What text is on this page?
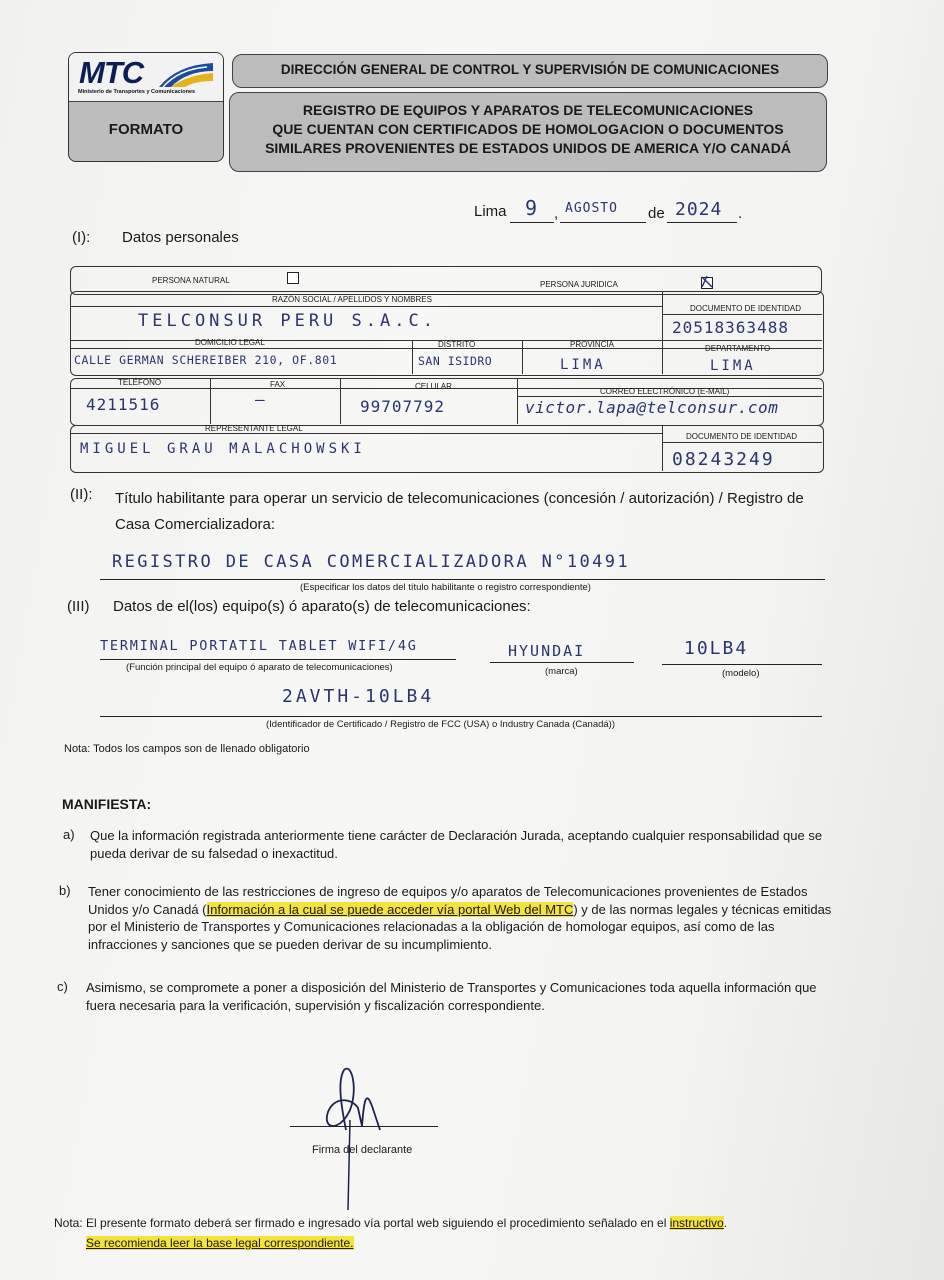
MTC
Ministerio de Transportes y Comunicaciones
FORMATO
DIRECCIÓN GENERAL DE CONTROL Y SUPERVISIÓN DE COMUNICACIONES
REGISTRO DE EQUIPOS Y APARATOS DE TELECOMUNICACIONES
QUE CUENTAN CON CERTIFICADOS DE HOMOLOGACION O DOCUMENTOS
SIMILARES PROVENIENTES DE ESTADOS UNIDOS DE AMERICA Y/O CANADÁ
Lima 9 , AGOSTO de 2024 .
(I): Datos personales
PERSONA NATURAL	PERSONA JURIDICA
RAZÓN SOCIAL / APELLIDOS Y NOMBRES
DOCUMENTO DE IDENTIDAD
TELCONSUR PERU S.A.C.	20518363488
DOMICILIO LEGAL	DISTRITO	PROVINCIA	DEPARTAMENTO
CALLE GERMAN SCHEREIBER 210, OF.801	SAN ISIDRO	LIMA	LIMA
TELÉFONO	FAX	CELULAR
CORREO ELECTRÓNICO (E-MAIL)
4211516	—	99707792	victor.lapa@telconsur.com
REPRESENTANTE LEGAL
DOCUMENTO DE IDENTIDAD
MIGUEL GRAU MALACHOWSKI	08243249
(II): Título habilitante para operar un servicio de telecomunicaciones (concesión / autorización) / Registro de Casa Comercializadora:
REGISTRO DE CASA COMERCIALIZADORA N°10491
(Especificar los datos del título habilitante o registro correspondiente)
(III) Datos de el(los) equipo(s) ó aparato(s) de telecomunicaciones:
TERMINAL PORTATIL TABLET WIFI/4G
(Función principal del equipo ó aparato de telecomunicaciones)
HYUNDAI
(marca)
10LB4
(modelo)
2AVTH-10LB4
(Identificador de Certificado / Registro de FCC (USA) o Industry Canada (Canadá))
Nota: Todos los campos son de llenado obligatorio
MANIFIESTA:
a) Que la información registrada anteriormente tiene carácter de Declaración Jurada, aceptando cualquier responsabilidad que se pueda derivar de su falsedad o inexactitud.
b) Tener conocimiento de las restricciones de ingreso de equipos y/o aparatos de Telecomunicaciones provenientes de Estados Unidos y/o Canadá (Información a la cual se puede acceder vía portal Web del MTC) y de las normas legales y técnicas emitidas por el Ministerio de Transportes y Comunicaciones relacionadas a la obligación de homologar equipos, así como de las infracciones y sanciones que se pueden derivar de su incumplimiento.
c) Asimismo, se compromete a poner a disposición del Ministerio de Transportes y Comunicaciones toda aquella información que fuera necesaria para la verificación, supervisión y fiscalización correspondiente.
Firma del declarante
Nota: El presente formato deberá ser firmado e ingresado vía portal web siguiendo el procedimiento señalado en el instructivo.
Se recomienda leer la base legal correspondiente.
